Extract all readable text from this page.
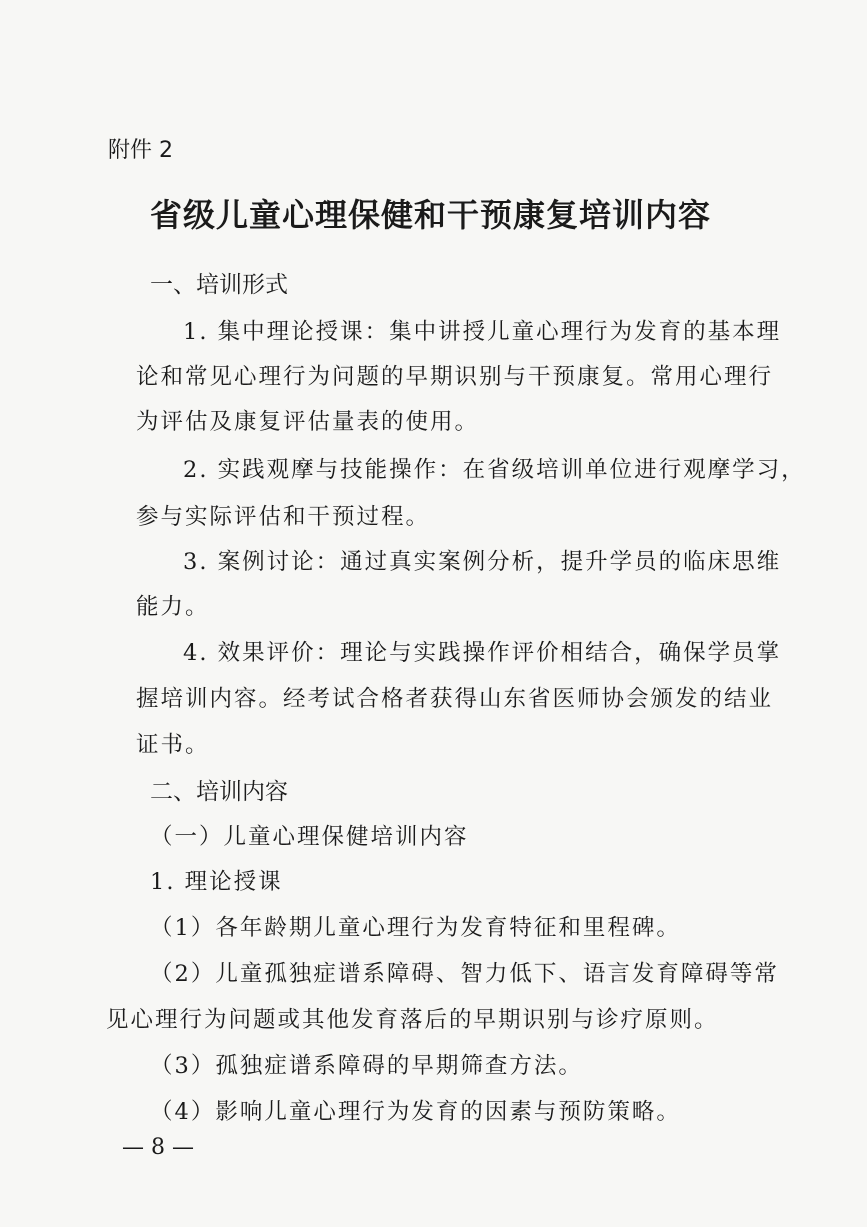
附件 2
省级儿童心理保健和干预康复培训内容
一、培训形式
1. 集中理论授课：集中讲授儿童心理行为发育的基本理
论和常见心理行为问题的早期识别与干预康复。常用心理行
为评估及康复评估量表的使用。
2. 实践观摩与技能操作：在省级培训单位进行观摩学习，
参与实际评估和干预过程。
3. 案例讨论：通过真实案例分析，提升学员的临床思维
能力。
4. 效果评价：理论与实践操作评价相结合，确保学员掌
握培训内容。经考试合格者获得山东省医师协会颁发的结业
证书。
二、培训内容
（一）儿童心理保健培训内容
1. 理论授课
（1）各年龄期儿童心理行为发育特征和里程碑。
（2）儿童孤独症谱系障碍、智力低下、语言发育障碍等常
见心理行为问题或其他发育落后的早期识别与诊疗原则。
（3）孤独症谱系障碍的早期筛查方法。
（4）影响儿童心理行为发育的因素与预防策略。
— 8 —
